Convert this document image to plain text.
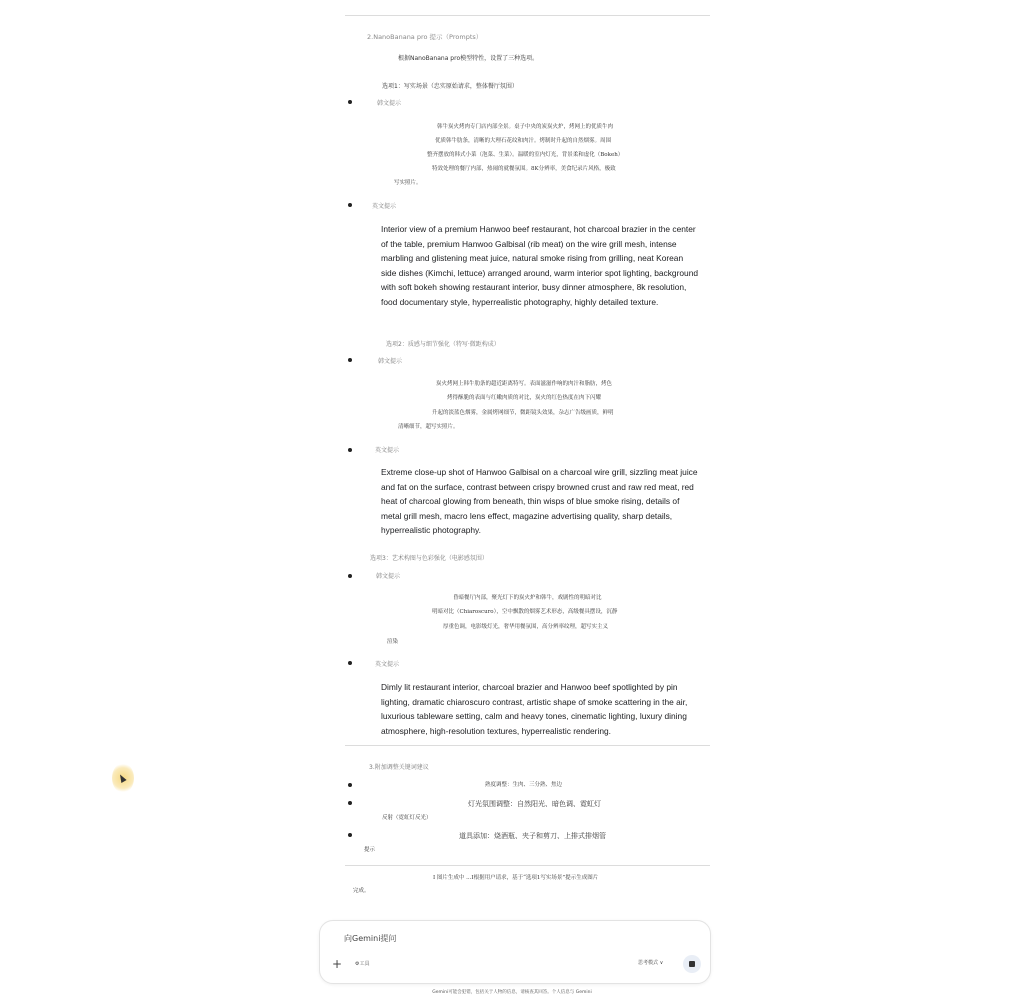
2.NanoBanana pro 提示（Prompts）
根据NanoBanana pro模型特性，设置了三种选项。
选项1：写实场景（忠实原始请求，整体餐厅氛围）
韩文提示
韩牛炭火烤肉专门店内部全景。桌子中央的炭炭火炉，烤网上的优质牛肉
优质韩牛肋条，清晰的大理石花纹和肉汁。烤制时升起的自然烟雾。周围
整齐摆放的韩式小菜（泡菜、生菜）。温暖的室内灯光，背景柔和虚化（Bokeh）
特效处理的餐厅内部，热闹的就餐氛围。8K分辨率，美食纪录片风格，极致
写实照片。
英文提示
Interior view of a premium Hanwoo beef restaurant, hot charcoal brazier in the center of the table, premium Hanwoo Galbisal (rib meat) on the wire grill mesh, intense marbling and glistening meat juice, natural smoke rising from grilling, neat Korean side dishes (Kimchi, lettuce) arranged around, warm interior spot lighting, background with soft bokeh showing restaurant interior, busy dinner atmosphere, 8k resolution, food documentary style, hyperrealistic photography, highly detailed texture.
选项2：质感与细节强化（特写·微距构成）
韩文提示
炭火烤网上韩牛肋条的超近距离特写。表面滋滋作响的肉汁和脂肪，烤色
烤得酥脆的表面与红嫩肉质的对比，炭火的红色热度在肉下闪耀
升起的淡蓝色烟雾，金属烤网细节，微距镜头效果，杂志广告级画质，鲜明
清晰细节，超写实照片。
英文提示
Extreme close-up shot of Hanwoo Galbisal on a charcoal wire grill, sizzling meat juice and fat on the surface, contrast between crispy browned crust and raw red meat, red heat of charcoal glowing from beneath, thin wisps of blue smoke rising, details of metal grill mesh, macro lens effect, magazine advertising quality, sharp details, hyperrealistic photography.
选项3：艺术构图与色彩强化（电影感氛围）
韩文提示
昏暗餐厅内部，聚光灯下的炭火炉和韩牛，戏剧性的明暗对比
明暗对比（Chiaroscuro），空中飘散的烟雾艺术形态，高级餐具摆设，沉静
厚重色调，电影级灯光，奢华用餐氛围，高分辨率纹理，超写实主义
渲染
英文提示
Dimly lit restaurant interior, charcoal brazier and Hanwoo beef spotlighted by pin lighting, dramatic chiaroscuro contrast, artistic shape of smoke scattering in the air, luxurious tableware setting, calm and heavy tones, cinematic lighting, luxury dining atmosphere, high-resolution textures, hyperrealistic rendering.
3.附加调整关键词建议
熟度调整：生肉、三分熟、焦边
灯光氛围调整：自然阳光、暗色调、霓虹灯
反射（霓虹灯反光）
道具添加：烧酒瓶、夹子和剪刀、上排式排烟管
提示
I 图片生成中 ...I根据用户请求，基于“选项1写实场景”提示生成图片
完成。
向Gemini提问
+	⚙工具	思考模式 ∨
Gemini可能会犯错，包括关于人物的信息，请核查其回答。个人信息与 Gemini
